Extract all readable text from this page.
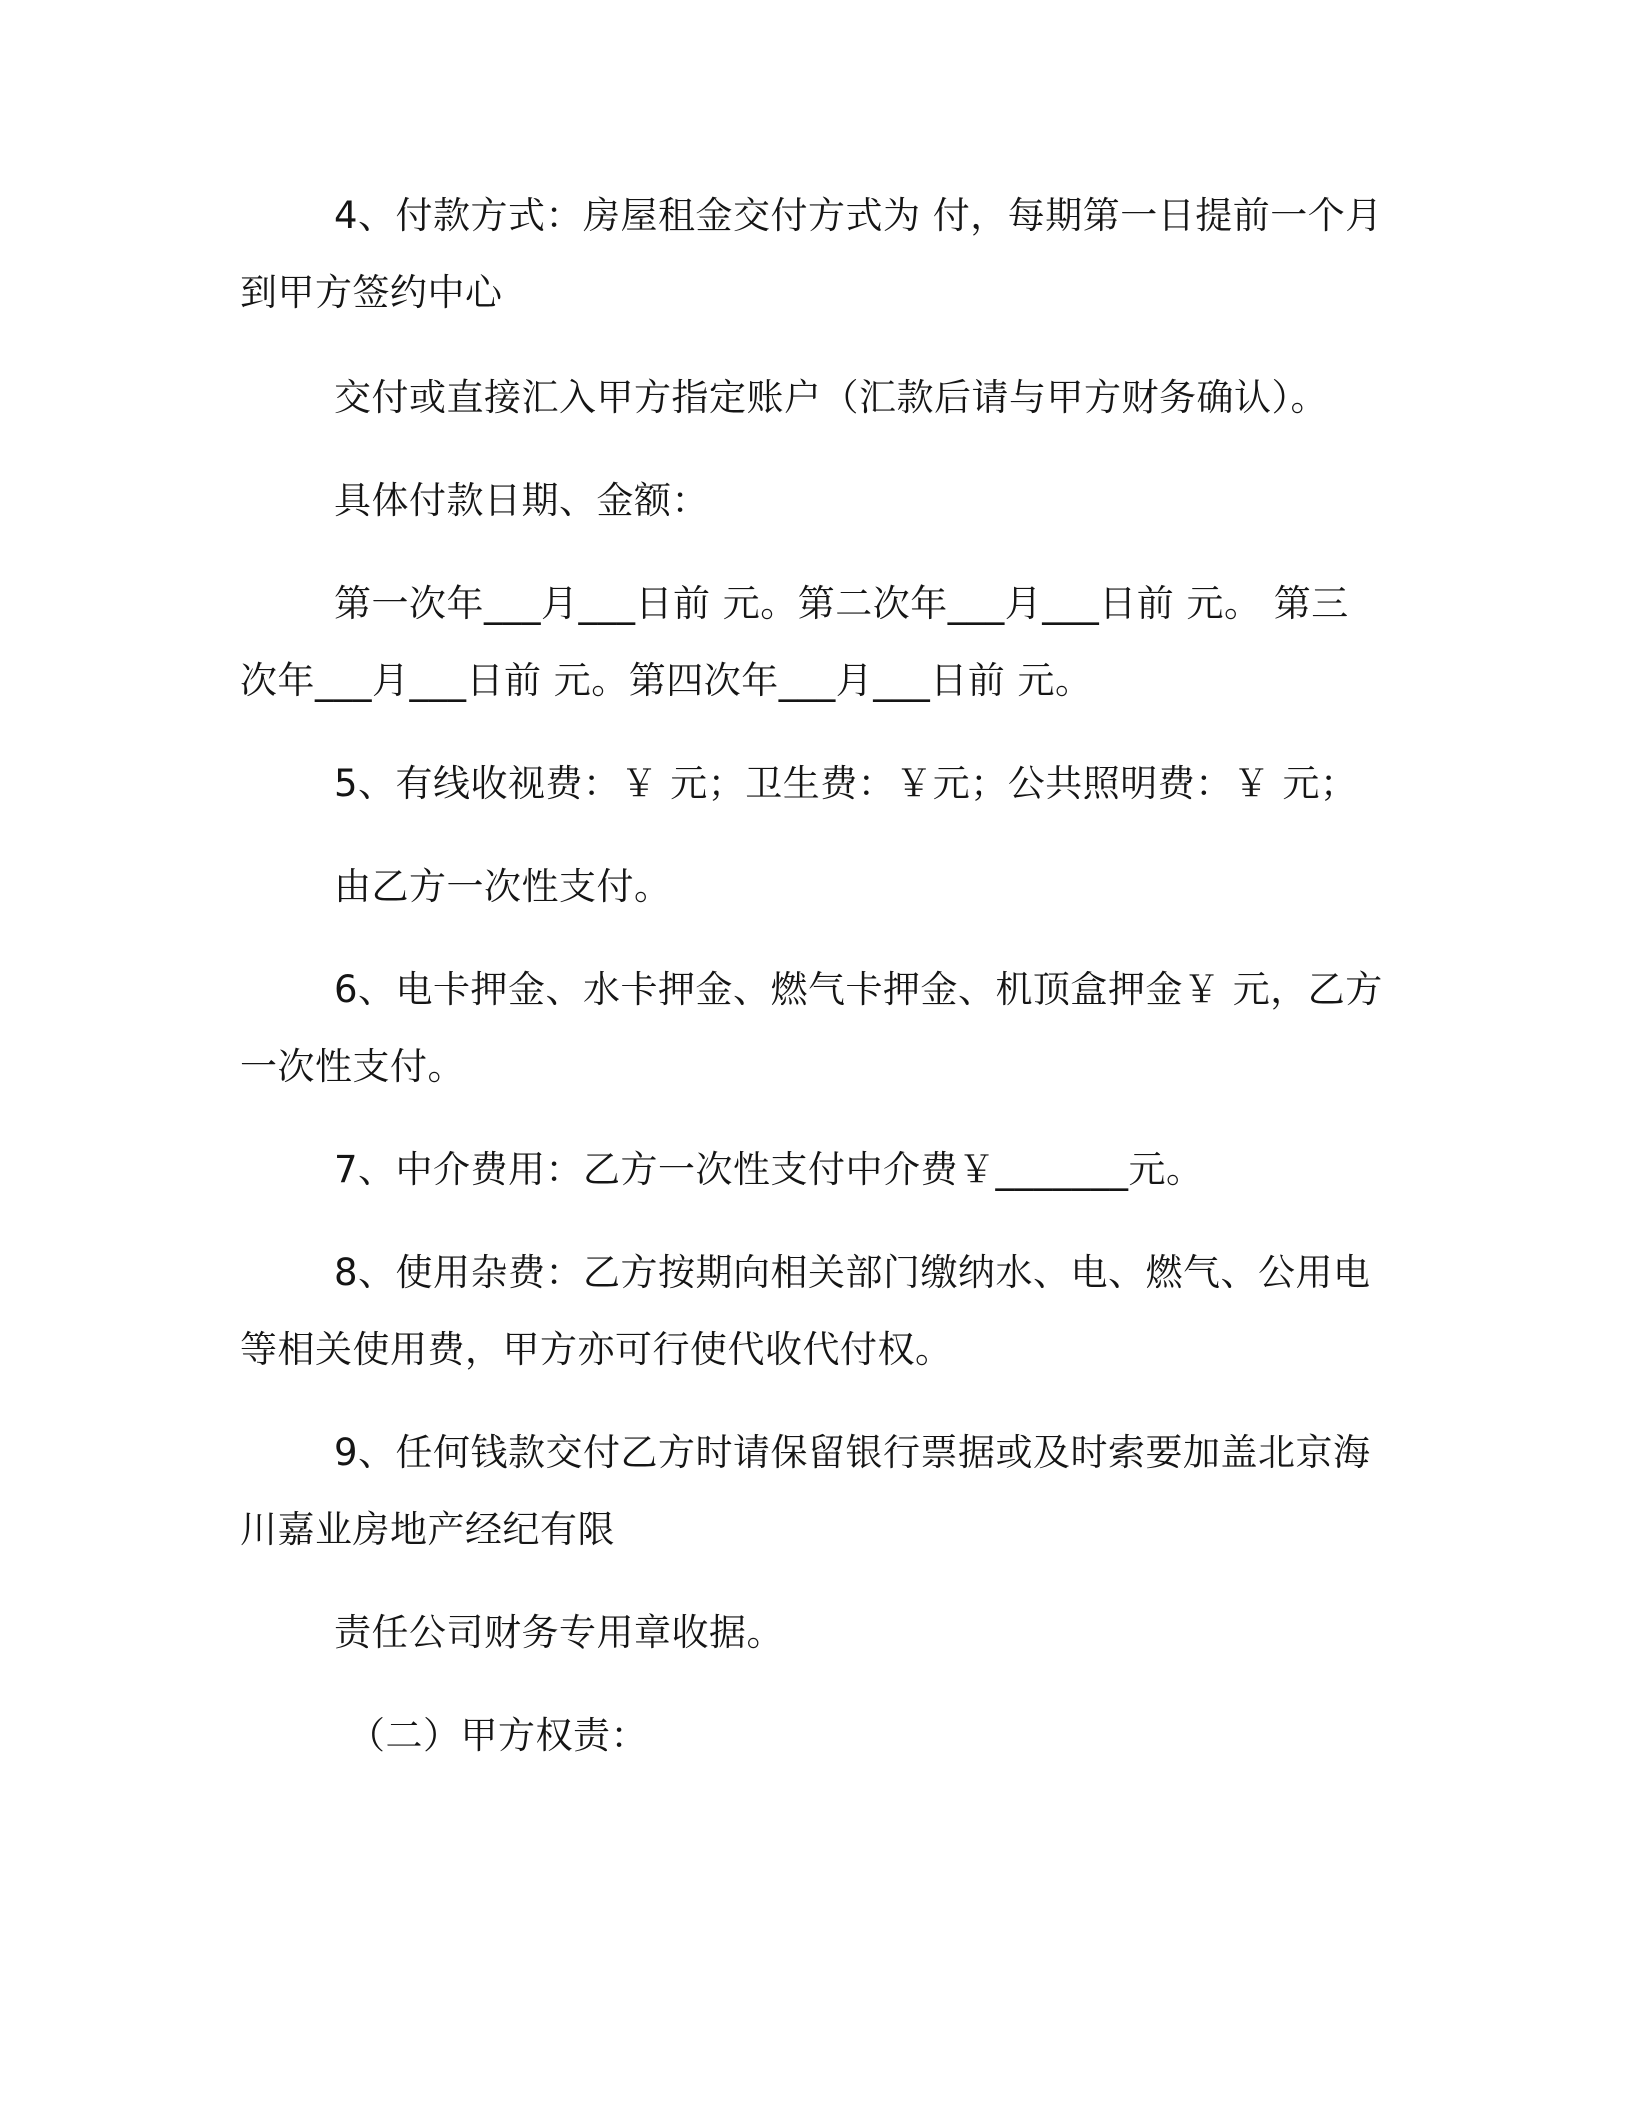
4、付款方式：房屋租金交付方式为 付，每期第一日提前一个月
到甲方签约中心
交付或直接汇入甲方指定账户（汇款后请与甲方财务确认）。
具体付款日期、金额：
第一次年___月___日前 元。第二次年___月___日前 元。 第三
次年___月___日前 元。第四次年___月___日前 元。
5、有线收视费：￥ 元；卫生费：￥元；公共照明费：￥ 元；
由乙方一次性支付。
6、电卡押金、水卡押金、燃气卡押金、机顶盒押金￥ 元，乙方
一次性支付。
7、中介费用：乙方一次性支付中介费￥_______元。
8、使用杂费：乙方按期向相关部门缴纳水、电、燃气、公用电
等相关使用费，甲方亦可行使代收代付权。
9、任何钱款交付乙方时请保留银行票据或及时索要加盖北京海
川嘉业房地产经纪有限
责任公司财务专用章收据。
（二）甲方权责：
